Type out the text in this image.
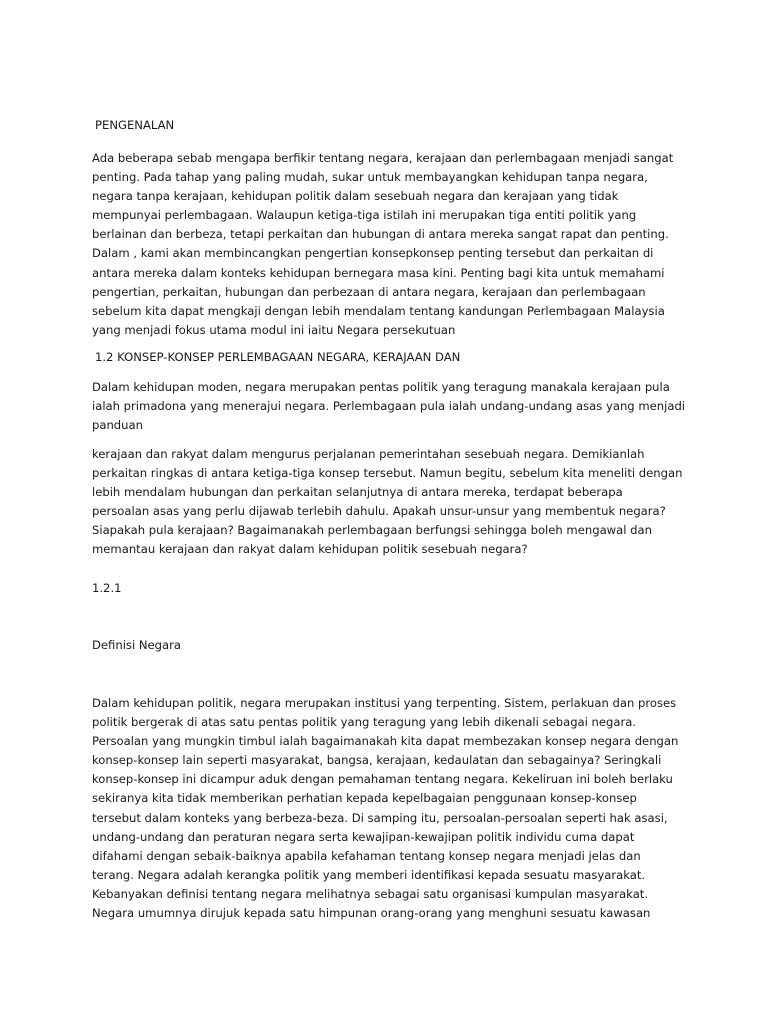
PENGENALAN

Ada beberapa sebab mengapa berfikir tentang negara, kerajaan dan perlembagaan menjadi sangat
penting. Pada tahap yang paling mudah, sukar untuk membayangkan kehidupan tanpa negara,
negara tanpa kerajaan, kehidupan politik dalam sesebuah negara dan kerajaan yang tidak
mempunyai perlembagaan. Walaupun ketiga-tiga istilah ini merupakan tiga entiti politik yang
berlainan dan berbeza, tetapi perkaitan dan hubungan di antara mereka sangat rapat dan penting.
Dalam , kami akan membincangkan pengertian konsepkonsep penting tersebut dan perkaitan di
antara mereka dalam konteks kehidupan bernegara masa kini. Penting bagi kita untuk memahami
pengertian, perkaitan, hubungan dan perbezaan di antara negara, kerajaan dan perlembagaan
sebelum kita dapat mengkaji dengan lebih mendalam tentang kandungan Perlembagaan Malaysia
yang menjadi fokus utama modul ini iaitu Negara persekutuan

1.2 KONSEP-KONSEP PERLEMBAGAAN NEGARA, KERAJAAN DAN

Dalam kehidupan moden, negara merupakan pentas politik yang teragung manakala kerajaan pula
ialah primadona yang menerajui negara. Perlembagaan pula ialah undang-undang asas yang menjadi
panduan
kerajaan dan rakyat dalam mengurus perjalanan pemerintahan sesebuah negara. Demikianlah
perkaitan ringkas di antara ketiga-tiga konsep tersebut. Namun begitu, sebelum kita meneliti dengan
lebih mendalam hubungan dan perkaitan selanjutnya di antara mereka, terdapat beberapa
persoalan asas yang perlu dijawab terlebih dahulu. Apakah unsur-unsur yang membentuk negara?
Siapakah pula kerajaan? Bagaimanakah perlembagaan berfungsi sehingga boleh mengawal dan
memantau kerajaan dan rakyat dalam kehidupan politik sesebuah negara?

1.2.1

Definisi Negara

Dalam kehidupan politik, negara merupakan institusi yang terpenting. Sistem, perlakuan dan proses
politik bergerak di atas satu pentas politik yang teragung yang lebih dikenali sebagai negara.
Persoalan yang mungkin timbul ialah bagaimanakah kita dapat membezakan konsep negara dengan
konsep-konsep lain seperti masyarakat, bangsa, kerajaan, kedaulatan dan sebagainya? Seringkali
konsep-konsep ini dicampur aduk dengan pemahaman tentang negara. Kekeliruan ini boleh berlaku
sekiranya kita tidak memberikan perhatian kepada kepelbagaian penggunaan konsep-konsep
tersebut dalam konteks yang berbeza-beza. Di samping itu, persoalan-persoalan seperti hak asasi,
undang-undang dan peraturan negara serta kewajipan-kewajipan politik individu cuma dapat
difahami dengan sebaik-baiknya apabila kefahaman tentang konsep negara menjadi jelas dan
terang. Negara adalah kerangka politik yang memberi identifikasi kepada sesuatu masyarakat.
Kebanyakan definisi tentang negara melihatnya sebagai satu organisasi kumpulan masyarakat.
Negara umumnya dirujuk kepada satu himpunan orang-orang yang menghuni sesuatu kawasan
